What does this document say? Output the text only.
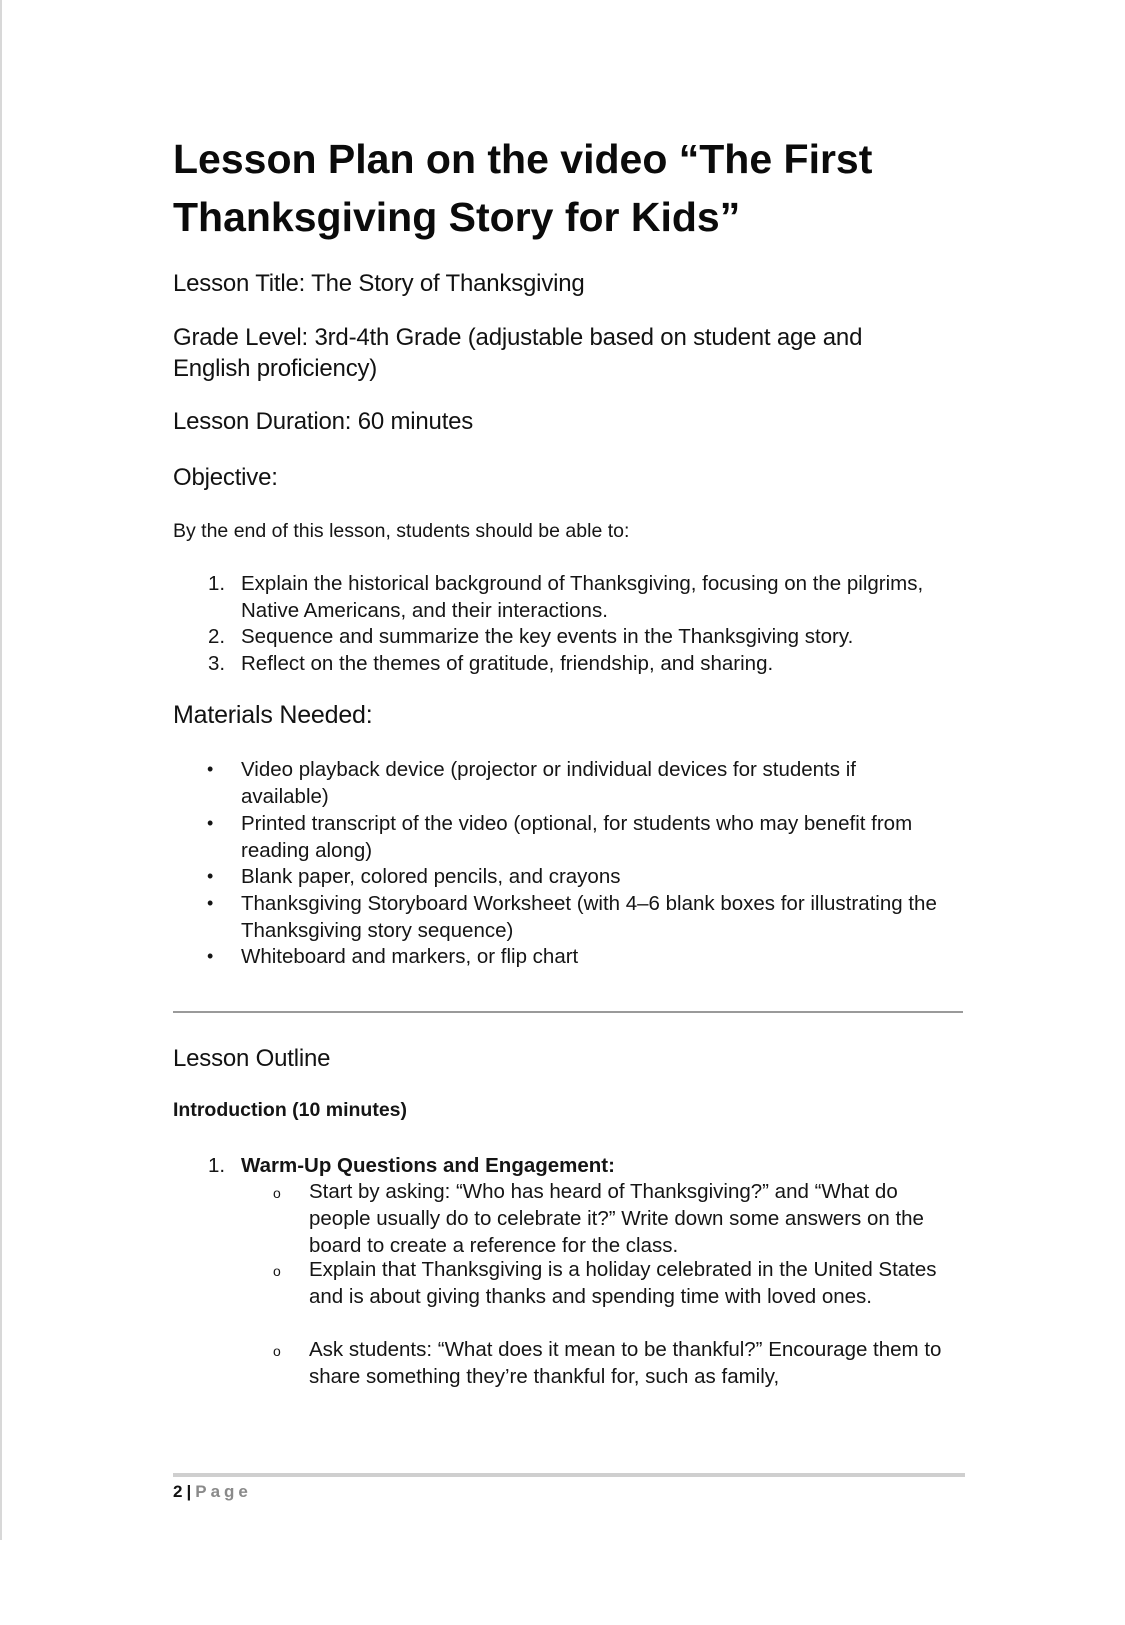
Lesson Plan on the video “The First Thanksgiving Story for Kids”

Lesson Title: The Story of Thanksgiving

Grade Level: 3rd-4th Grade (adjustable based on student age and English proficiency)

Lesson Duration: 60 minutes

Objective:

By the end of this lesson, students should be able to:

1. Explain the historical background of Thanksgiving, focusing on the pilgrims, Native Americans, and their interactions.
2. Sequence and summarize the key events in the Thanksgiving story.
3. Reflect on the themes of gratitude, friendship, and sharing.

Materials Needed:

• Video playback device (projector or individual devices for students if available)
• Printed transcript of the video (optional, for students who may benefit from reading along)
• Blank paper, colored pencils, and crayons
• Thanksgiving Storyboard Worksheet (with 4–6 blank boxes for illustrating the Thanksgiving story sequence)
• Whiteboard and markers, or flip chart

Lesson Outline

Introduction (10 minutes)

1. Warm-Up Questions and Engagement:
o Start by asking: “Who has heard of Thanksgiving?” and “What do people usually do to celebrate it?” Write down some answers on the board to create a reference for the class.
o Explain that Thanksgiving is a holiday celebrated in the United States and is about giving thanks and spending time with loved ones.
o Ask students: “What does it mean to be thankful?” Encourage them to share something they’re thankful for, such as family,
2 | Page
